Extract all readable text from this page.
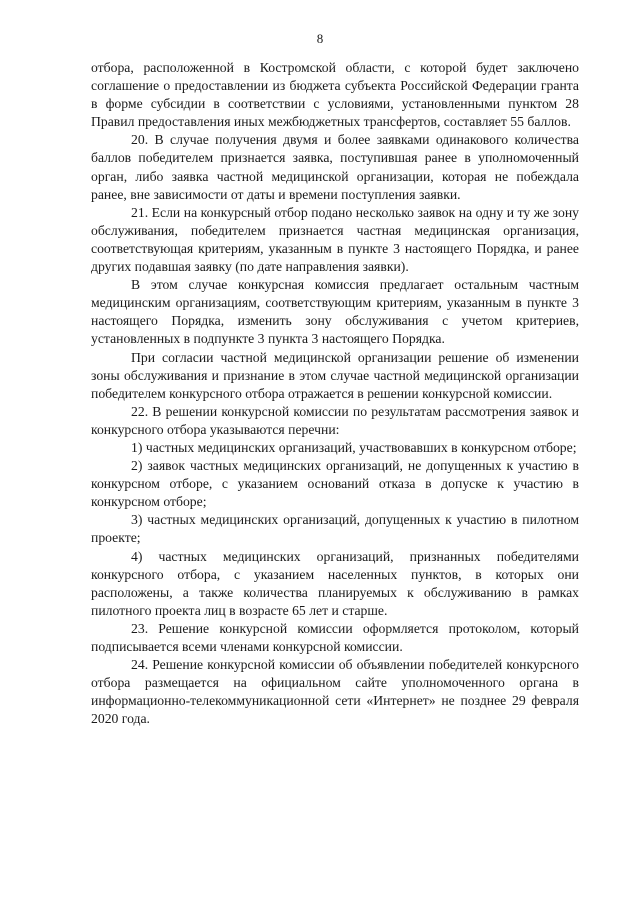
8

отбора, расположенной в Костромской области, с которой будет заключено соглашение о предоставлении из бюджета субъекта Российской Федерации гранта в форме субсидии в соответствии с условиями, установленными пунктом 28 Правил предоставления иных межбюджетных трансфертов, составляет 55 баллов.

20. В случае получения двумя и более заявками одинакового количества баллов победителем признается заявка, поступившая ранее в уполномоченный орган, либо заявка частной медицинской организации, которая не побеждала ранее, вне зависимости от даты и времени поступления заявки.

21. Если на конкурсный отбор подано несколько заявок на одну и ту же зону обслуживания, победителем признается частная медицинская организация, соответствующая критериям, указанным в пункте 3 настоящего Порядка, и ранее других подавшая заявку (по дате направления заявки).

В этом случае конкурсная комиссия предлагает остальным частным медицинским организациям, соответствующим критериям, указанным в пункте 3 настоящего Порядка, изменить зону обслуживания с учетом критериев, установленных в подпункте 3 пункта 3 настоящего Порядка.

При согласии частной медицинской организации решение об изменении зоны обслуживания и признание в этом случае частной медицинской организации победителем конкурсного отбора отражается в решении конкурсной комиссии.

22. В решении конкурсной комиссии по результатам рассмотрения заявок и конкурсного отбора указываются перечни:

1) частных медицинских организаций, участвовавших в конкурсном отборе;

2) заявок частных медицинских организаций, не допущенных к участию в конкурсном отборе, с указанием оснований отказа в допуске к участию в конкурсном отборе;

3) частных медицинских организаций, допущенных к участию в пилотном проекте;

4) частных медицинских организаций, признанных победителями конкурсного отбора, с указанием населенных пунктов, в которых они расположены, а также количества планируемых к обслуживанию в рамках пилотного проекта лиц в возрасте 65 лет и старше.

23. Решение конкурсной комиссии оформляется протоколом, который подписывается всеми членами конкурсной комиссии.

24. Решение конкурсной комиссии об объявлении победителей конкурсного отбора размещается на официальном сайте уполномоченного органа в информационно-телекоммуникационной сети «Интернет» не позднее 29 февраля 2020 года.
